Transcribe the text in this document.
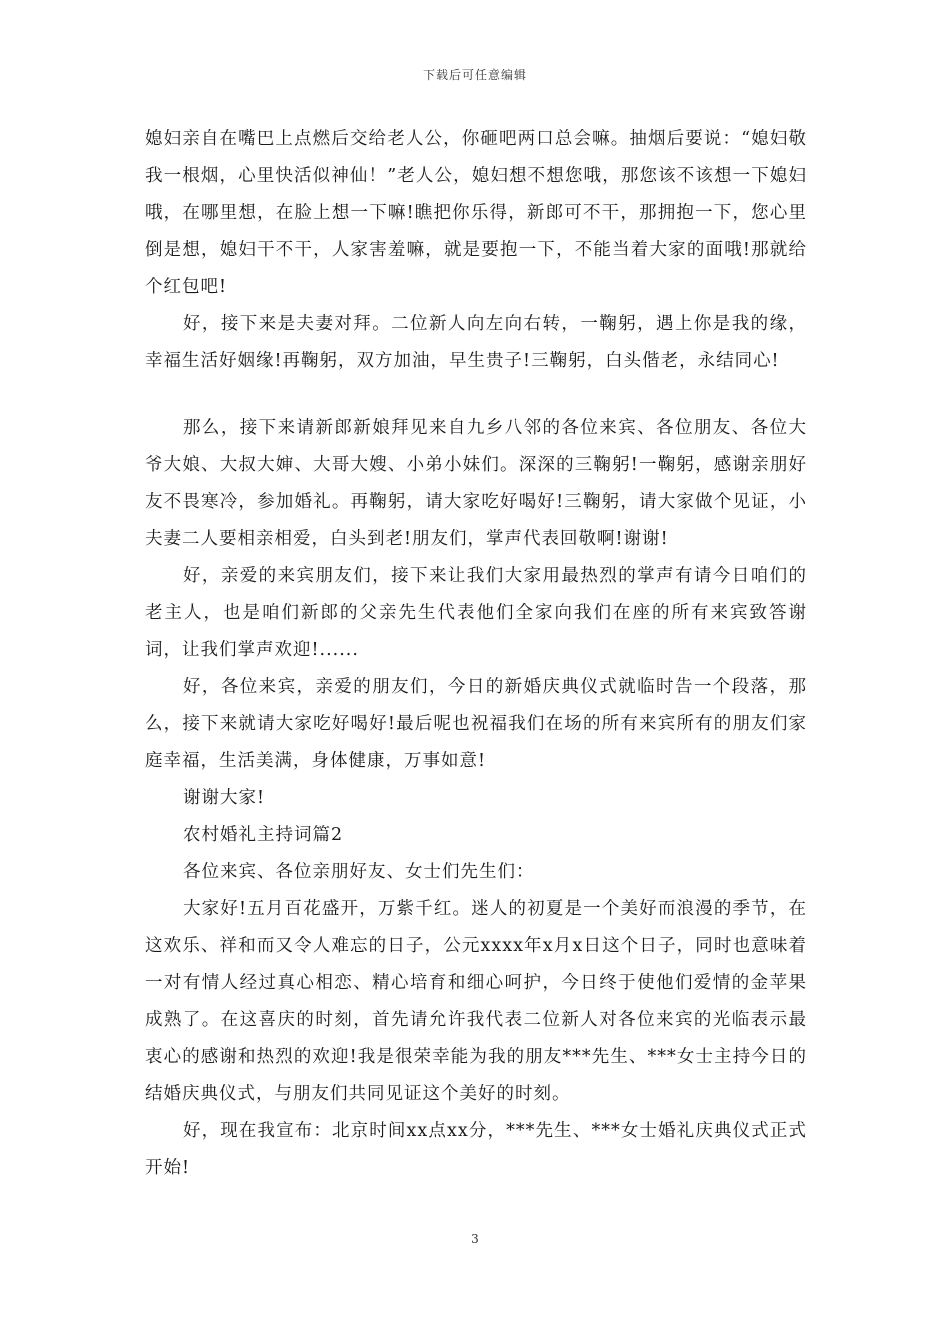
下载后可任意编辑

媳妇亲自在嘴巴上点燃后交给老人公，你砸吧两口总会嘛。抽烟后要说：“媳妇敬我一根烟，心里快活似神仙！”老人公，媳妇想不想您哦，那您该不该想一下媳妇哦，在哪里想，在脸上想一下嘛!瞧把你乐得，新郎可不干，那拥抱一下，您心里倒是想，媳妇干不干，人家害羞嘛，就是要抱一下，不能当着大家的面哦!那就给个红包吧!

好，接下来是夫妻对拜。二位新人向左向右转，一鞠躬，遇上你是我的缘，幸福生活好姻缘!再鞠躬，双方加油，早生贵子!三鞠躬，白头偕老，永结同心!

那么，接下来请新郎新娘拜见来自九乡八邻的各位来宾、各位朋友、各位大爷大娘、大叔大婶、大哥大嫂、小弟小妹们。深深的三鞠躬!一鞠躬，感谢亲朋好友不畏寒冷，参加婚礼。再鞠躬，请大家吃好喝好!三鞠躬，请大家做个见证，小夫妻二人要相亲相爱，白头到老!朋友们，掌声代表回敬啊!谢谢!

好，亲爱的来宾朋友们，接下来让我们大家用最热烈的掌声有请今日咱们的老主人，也是咱们新郎的父亲先生代表他们全家向我们在座的所有来宾致答谢词，让我们掌声欢迎!......

好，各位来宾，亲爱的朋友们，今日的新婚庆典仪式就临时告一个段落，那么，接下来就请大家吃好喝好!最后呢也祝福我们在场的所有来宾所有的朋友们家庭幸福，生活美满，身体健康，万事如意!

谢谢大家!

农村婚礼主持词篇2

各位来宾、各位亲朋好友、女士们先生们：

大家好!五月百花盛开，万紫千红。迷人的初夏是一个美好而浪漫的季节，在这欢乐、祥和而又令人难忘的日子，公元xxxx年x月x日这个日子，同时也意味着一对有情人经过真心相恋、精心培育和细心呵护，今日终于使他们爱情的金苹果成熟了。在这喜庆的时刻，首先请允许我代表二位新人对各位来宾的光临表示最衷心的感谢和热烈的欢迎!我是很荣幸能为我的朋友***先生、***女士主持今日的结婚庆典仪式，与朋友们共同见证这个美好的时刻。

好，现在我宣布：北京时间xx点xx分，***先生、***女士婚礼庆典仪式正式开始!

3
